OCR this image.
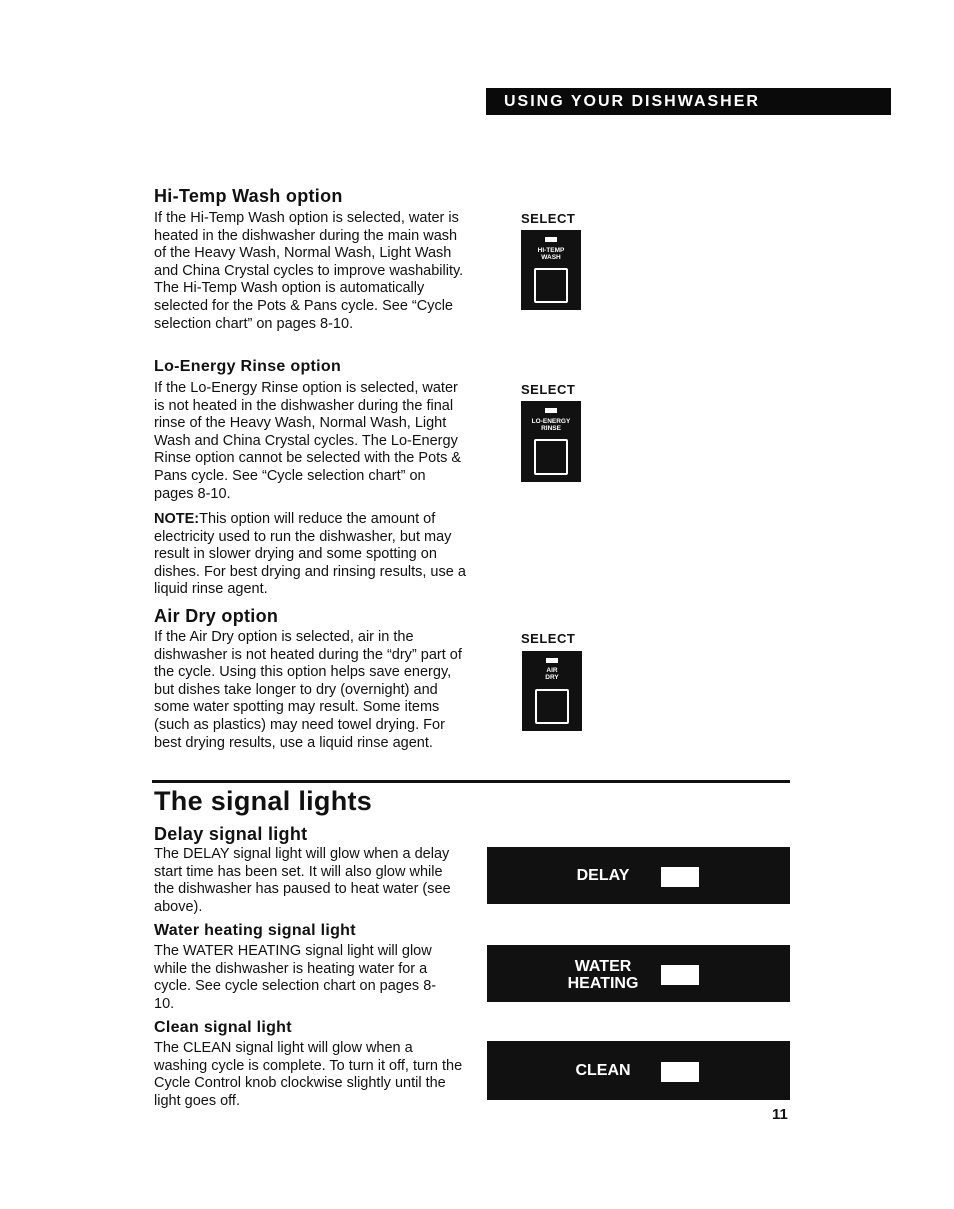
USING YOUR DISHWASHER
Hi-Temp Wash option
If the Hi-Temp Wash option is selected, water is heated in the dishwasher during the main wash of the Heavy Wash, Normal Wash, Light Wash and China Crystal cycles to improve washability. The Hi-Temp Wash option is automatically selected for the Pots & Pans cycle. See “Cycle selection chart” on pages 8-10.
SELECT
HI-TEMP
WASH
Lo-Energy Rinse option
If the Lo-Energy Rinse option is selected, water is not heated in the dishwasher during the final rinse of the Heavy Wash, Normal Wash, Light Wash and China Crystal cycles. The Lo-Energy Rinse option cannot be selected with the Pots & Pans cycle. See “Cycle selection chart” on pages 8-10.
NOTE:This option will reduce the amount of electricity used to run the dishwasher, but may result in slower drying and some spotting on dishes. For best drying and rinsing results, use a liquid rinse agent.
SELECT
LO-ENERGY
RINSE
Air Dry option
If the Air Dry option is selected, air in the dishwasher is not heated during the “dry” part of the cycle. Using this option helps save energy, but dishes take longer to dry (overnight) and some water spotting may result. Some items (such as plastics) may need towel drying. For best drying results, use a liquid rinse agent.
SELECT
AIR
DRY
The signal lights
Delay signal light
The DELAY signal light will glow when a delay start time has been set. It will also glow while the dishwasher has paused to heat water (see above).
Water heating signal light
The WATER HEATING signal light will glow while the dishwasher is heating water for a cycle. See cycle selection chart on pages 8-10.
Clean signal light
The CLEAN signal light will glow when a washing cycle is complete. To turn it off, turn the Cycle Control knob clockwise slightly until the light goes off.
DELAY
WATER
HEATING
CLEAN
11
